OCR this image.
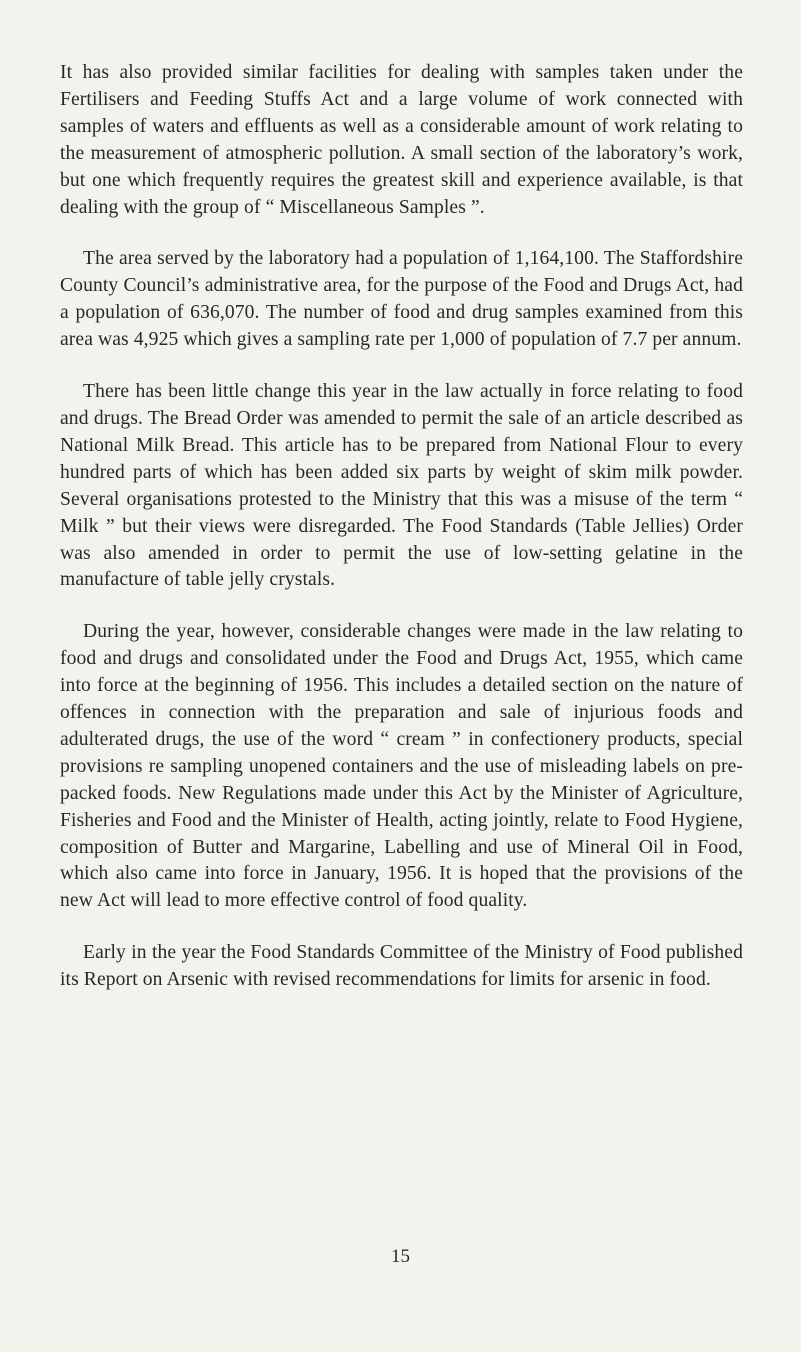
It has also provided similar facilities for dealing with samples taken under the Fertilisers and Feeding Stuffs Act and a large volume of work connected with samples of waters and effluents as well as a considerable amount of work relating to the measurement of atmospheric pollution. A small section of the laboratory’s work, but one which frequently requires the greatest skill and experience available, is that dealing with the group of “ Miscellaneous Samples ”.

The area served by the laboratory had a population of 1,164,100. The Staffordshire County Council’s administrative area, for the purpose of the Food and Drugs Act, had a population of 636,070. The number of food and drug samples examined from this area was 4,925 which gives a sampling rate per 1,000 of population of 7.7 per annum.

There has been little change this year in the law actually in force relating to food and drugs. The Bread Order was amended to permit the sale of an article described as National Milk Bread. This article has to be prepared from National Flour to every hundred parts of which has been added six parts by weight of skim milk powder. Several organisations protested to the Ministry that this was a misuse of the term “ Milk ” but their views were disregarded. The Food Standards (Table Jellies) Order was also amended in order to permit the use of low-setting gelatine in the manufacture of table jelly crystals.

During the year, however, considerable changes were made in the law relating to food and drugs and consolidated under the Food and Drugs Act, 1955, which came into force at the beginning of 1956. This includes a detailed section on the nature of offences in connection with the preparation and sale of injurious foods and adulterated drugs, the use of the word “ cream ” in confectionery products, special provisions re sampling unopened containers and the use of misleading labels on pre-packed foods. New Regulations made under this Act by the Minister of Agriculture, Fisheries and Food and the Minister of Health, acting jointly, relate to Food Hygiene, composition of Butter and Margarine, Labelling and use of Mineral Oil in Food, which also came into force in January, 1956. It is hoped that the provisions of the new Act will lead to more effective control of food quality.

Early in the year the Food Standards Committee of the Ministry of Food published its Report on Arsenic with revised recommendations for limits for arsenic in food.

15
